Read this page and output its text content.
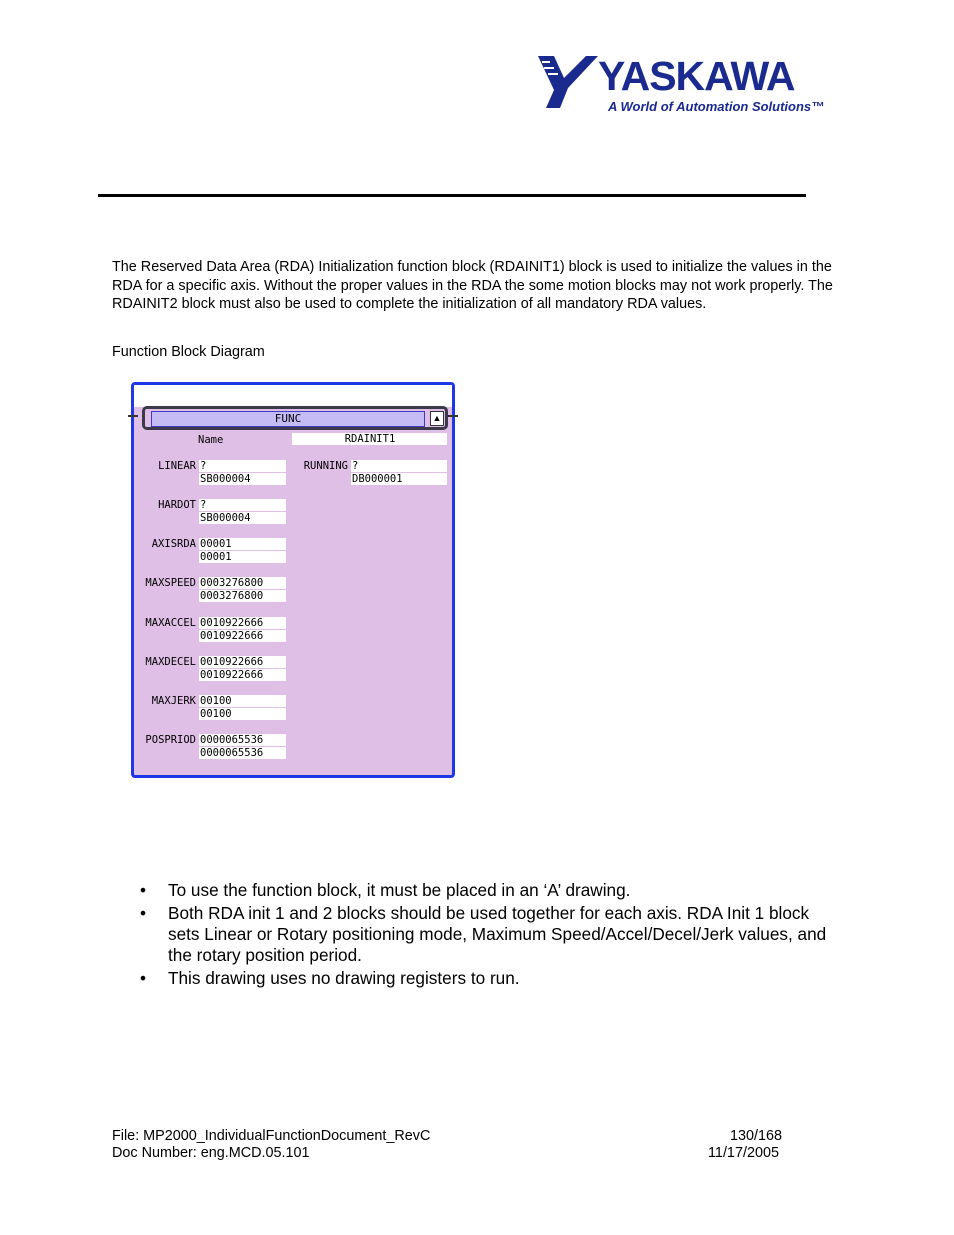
YASKAWA
A World of Automation Solutions™
The Reserved Data Area (RDA) Initialization function block (RDAINIT1) block is used to initialize the values in the RDA for a specific axis. Without the proper values in the RDA the some motion blocks may not work properly. The RDAINIT2 block must also be used to complete the initialization of all mandatory RDA values.
Function Block Diagram
FUNC	▲
Name	RDAINIT1
LINEAR ?
SB000004
HARDOT ?
SB000004
AXISRDA 00001
00001
MAXSPEED 0003276800
0003276800
MAXACCEL 0010922666
0010922666
MAXDECEL 0010922666
0010922666
MAXJERK 00100
00100
POSPRIOD 0000065536
0000065536
RUNNING ?
DB000001
• To use the function block, it must be placed in an ‘A’ drawing.
• Both RDA init 1 and 2 blocks should be used together for each axis. RDA Init 1 block sets Linear or Rotary positioning mode, Maximum Speed/Accel/Decel/Jerk values, and the rotary position period.
• This drawing uses no drawing registers to run.
File: MP2000_IndividualFunctionDocument_RevC
Doc Number: eng.MCD.05.101
130/168
11/17/2005
